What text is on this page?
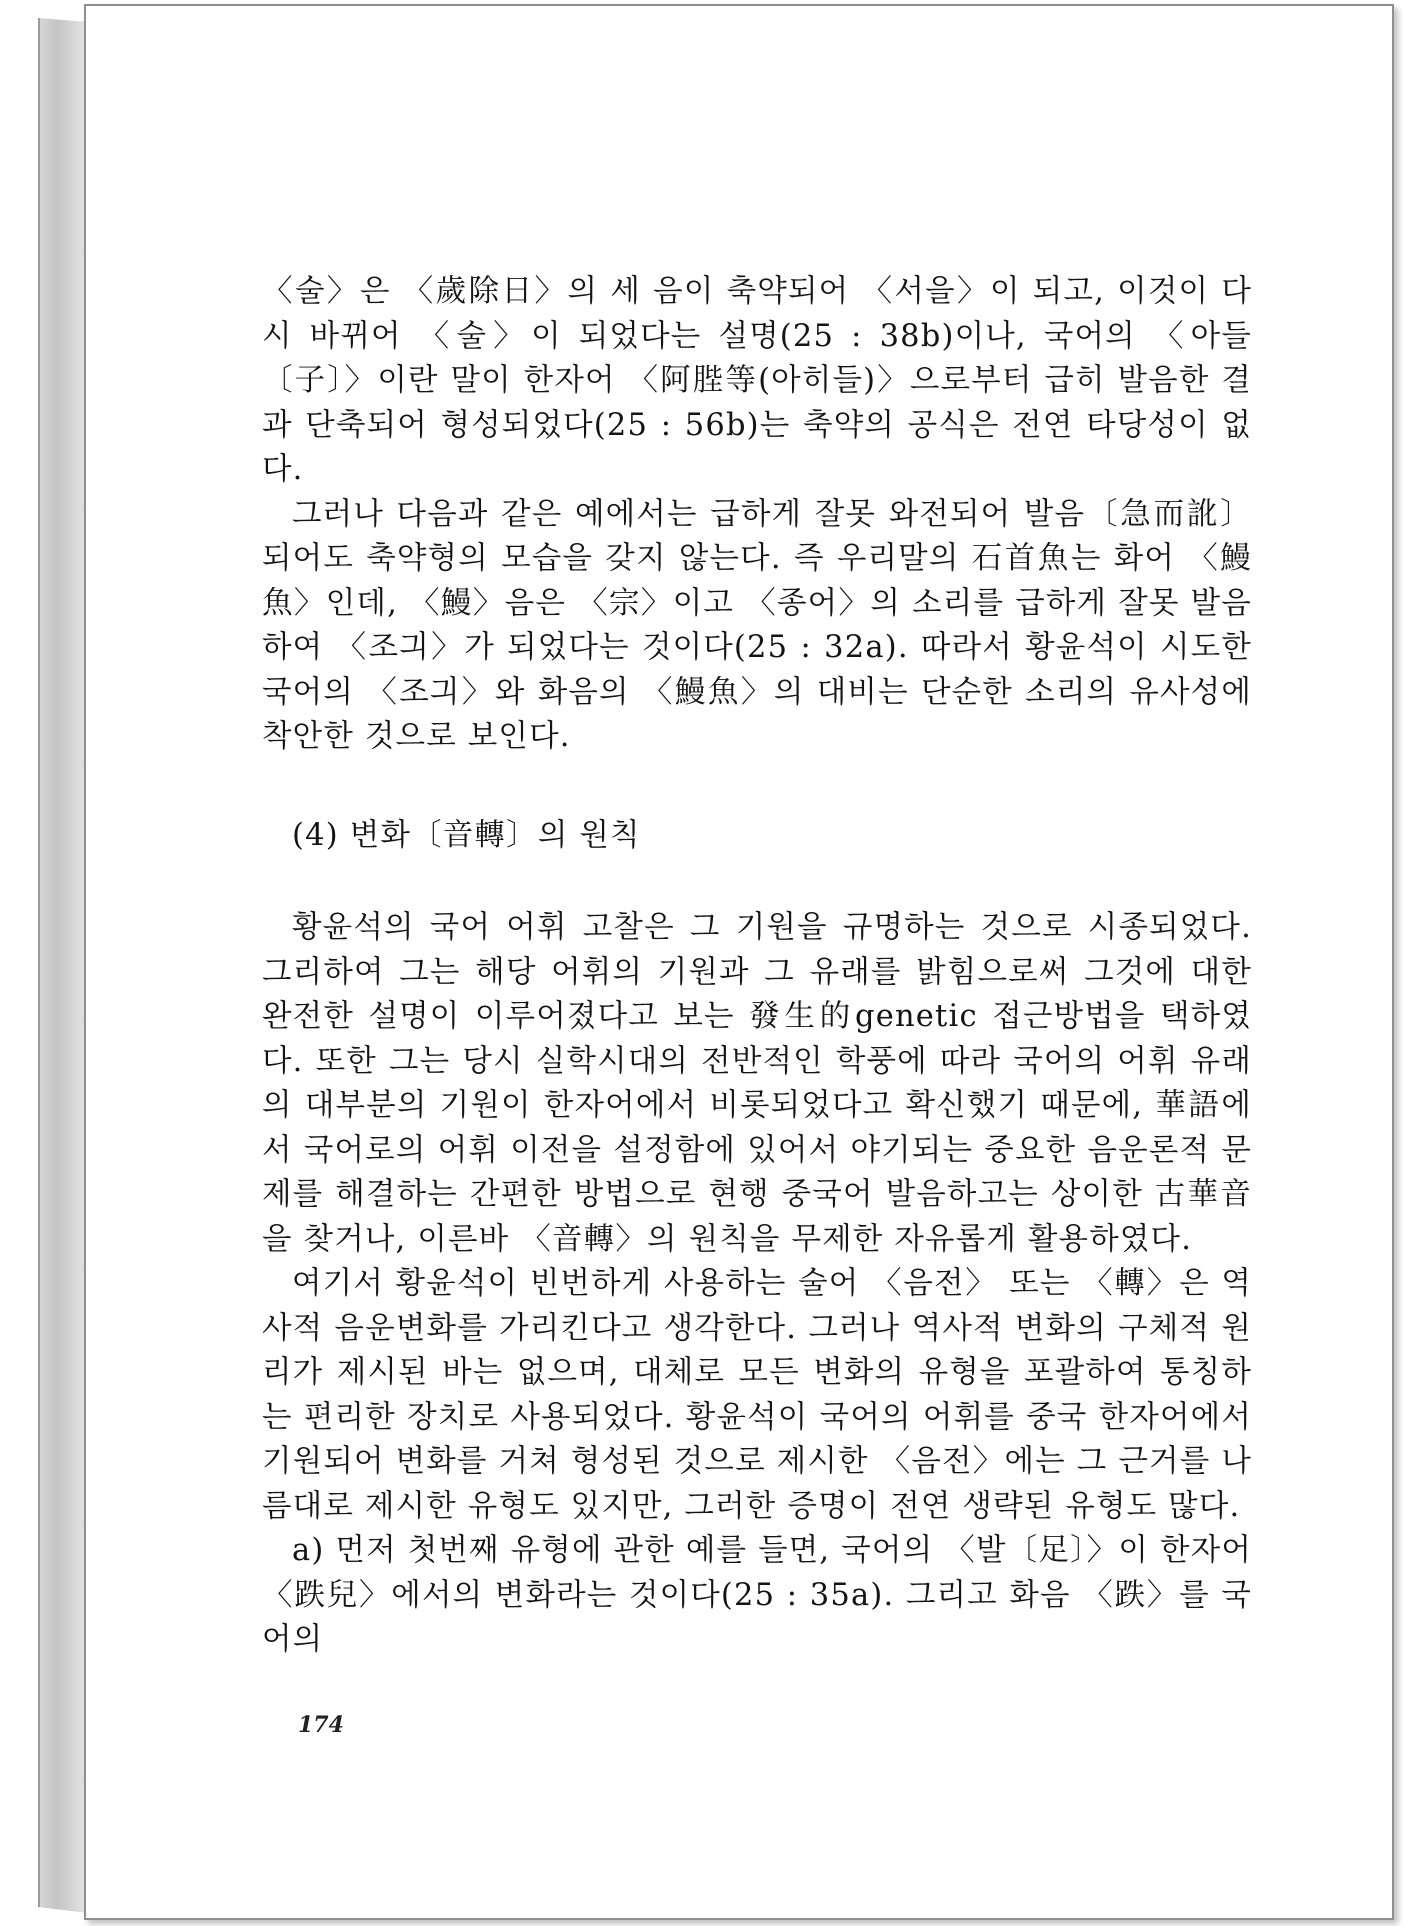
〈술〉은 〈歲除日〉의 세 음이 축약되어 〈서을〉이 되고, 이것이 다시 바뀌어 〈술〉이 되었다는 설명(25 : 38b)이나, 국어의 〈아들〔子〕〉이란 말이 한자어 〈阿䏶等(아히들)〉으로부터 급히 발음한 결과 단축되어 형성되었다(25 : 56b)는 축약의 공식은 전연 타당성이 없다.

그러나 다음과 같은 예에서는 급하게 잘못 와전되어 발음〔急而訛〕되어도 축약형의 모습을 갖지 않는다. 즉 우리말의 石首魚는 화어 〈鰻魚〉인데, 〈鰻〉음은 〈宗〉이고 〈종어〉의 소리를 급하게 잘못 발음하여 〈조긔〉가 되었다는 것이다(25 : 32a). 따라서 황윤석이 시도한 국어의 〈조긔〉와 화음의 〈鰻魚〉의 대비는 단순한 소리의 유사성에 착안한 것으로 보인다.

(4) 변화〔音轉〕의 원칙

황윤석의 국어 어휘 고찰은 그 기원을 규명하는 것으로 시종되었다. 그리하여 그는 해당 어휘의 기원과 그 유래를 밝힘으로써 그것에 대한 완전한 설명이 이루어졌다고 보는 發生的genetic 접근방법을 택하였다. 또한 그는 당시 실학시대의 전반적인 학풍에 따라 국어의 어휘 유래의 대부분의 기원이 한자어에서 비롯되었다고 확신했기 때문에, 華語에서 국어로의 어휘 이전을 설정함에 있어서 야기되는 중요한 음운론적 문제를 해결하는 간편한 방법으로 현행 중국어 발음하고는 상이한 古華音을 찾거나, 이른바 〈音轉〉의 원칙을 무제한 자유롭게 활용하였다.

여기서 황윤석이 빈번하게 사용하는 술어 〈음전〉 또는 〈轉〉은 역사적 음운변화를 가리킨다고 생각한다. 그러나 역사적 변화의 구체적 원리가 제시된 바는 없으며, 대체로 모든 변화의 유형을 포괄하여 통칭하는 편리한 장치로 사용되었다. 황윤석이 국어의 어휘를 중국 한자어에서 기원되어 변화를 거쳐 형성된 것으로 제시한 〈음전〉에는 그 근거를 나름대로 제시한 유형도 있지만, 그러한 증명이 전연 생략된 유형도 많다.

a) 먼저 첫번째 유형에 관한 예를 들면, 국어의 〈발〔足〕〉이 한자어 〈跌兒〉에서의 변화라는 것이다(25 : 35a). 그리고 화음 〈跌〉를 국어의

174
